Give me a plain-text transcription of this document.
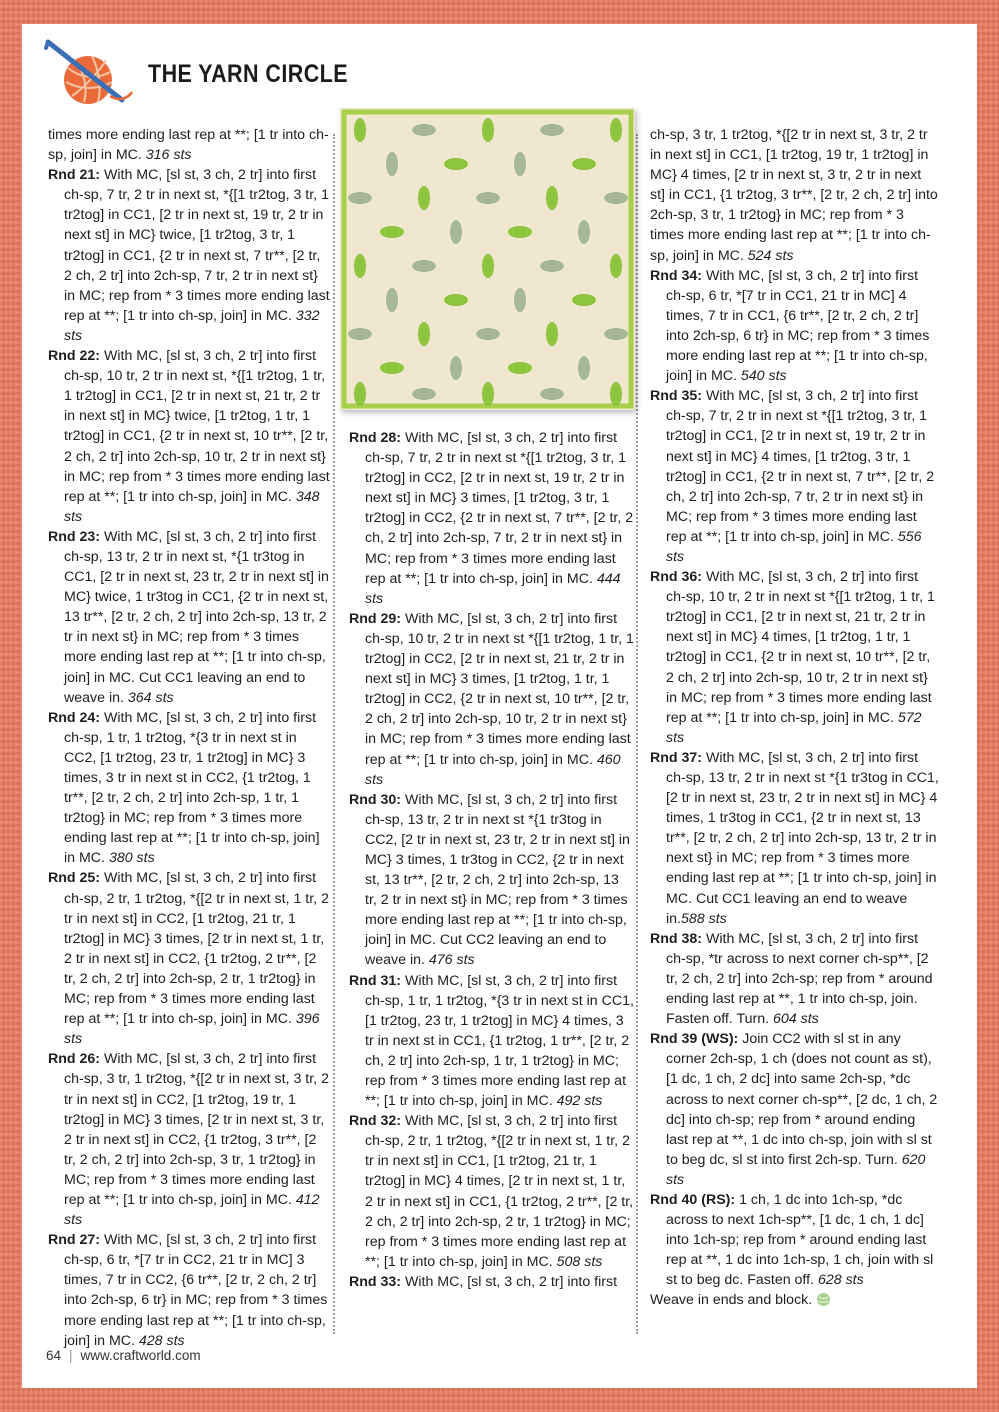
THE YARN CIRCLE

times more ending last rep at **; [1 tr into ch-sp, join] in MC. 316 sts

Rnd 21: With MC, [sl st, 3 ch, 2 tr] into first ch-sp, 7 tr, 2 tr in next st, *{[1 tr2tog, 3 tr, 1 tr2tog] in CC1, [2 tr in next st, 19 tr, 2 tr in next st] in MC} twice, [1 tr2tog, 3 tr, 1 tr2tog] in CC1, {2 tr in next st, 7 tr**, [2 tr, 2 ch, 2 tr] into 2ch-sp, 7 tr, 2 tr in next st} in MC; rep from * 3 times more ending last rep at **; [1 tr into ch-sp, join] in MC. 332 sts

Rnd 22: With MC, [sl st, 3 ch, 2 tr] into first ch-sp, 10 tr, 2 tr in next st, *{[1 tr2tog, 1 tr, 1 tr2tog] in CC1, [2 tr in next st, 21 tr, 2 tr in next st] in MC} twice, [1 tr2tog, 1 tr, 1 tr2tog] in CC1, {2 tr in next st, 10 tr**, [2 tr, 2 ch, 2 tr] into 2ch-sp, 10 tr, 2 tr in next st} in MC; rep from * 3 times more ending last rep at **; [1 tr into ch-sp, join] in MC. 348 sts

Rnd 23: With MC, [sl st, 3 ch, 2 tr] into first ch-sp, 13 tr, 2 tr in next st, *{1 tr3tog in CC1, [2 tr in next st, 23 tr, 2 tr in next st] in MC} twice, 1 tr3tog in CC1, {2 tr in next st, 13 tr**, [2 tr, 2 ch, 2 tr] into 2ch-sp, 13 tr, 2 tr in next st} in MC; rep from * 3 times more ending last rep at **; [1 tr into ch-sp, join] in MC. Cut CC1 leaving an end to weave in. 364 sts

Rnd 24: With MC, [sl st, 3 ch, 2 tr] into first ch-sp, 1 tr, 1 tr2tog, *{3 tr in next st in CC2, [1 tr2tog, 23 tr, 1 tr2tog] in MC} 3 times, 3 tr in next st in CC2, {1 tr2tog, 1 tr**, [2 tr, 2 ch, 2 tr] into 2ch-sp, 1 tr, 1 tr2tog} in MC; rep from * 3 times more ending last rep at **; [1 tr into ch-sp, join] in MC. 380 sts

Rnd 25: With MC, [sl st, 3 ch, 2 tr] into first ch-sp, 2 tr, 1 tr2tog, *{[2 tr in next st, 1 tr, 2 tr in next st] in CC2, [1 tr2tog, 21 tr, 1 tr2tog] in MC} 3 times, [2 tr in next st, 1 tr, 2 tr in next st] in CC2, {1 tr2tog, 2 tr**, [2 tr, 2 ch, 2 tr] into 2ch-sp, 2 tr, 1 tr2tog} in MC; rep from * 3 times more ending last rep at **; [1 tr into ch-sp, join] in MC. 396 sts

Rnd 26: With MC, [sl st, 3 ch, 2 tr] into first ch-sp, 3 tr, 1 tr2tog, *{[2 tr in next st, 3 tr, 2 tr in next st] in CC2, [1 tr2tog, 19 tr, 1 tr2tog] in MC} 3 times, [2 tr in next st, 3 tr, 2 tr in next st] in CC2, {1 tr2tog, 3 tr**, [2 tr, 2 ch, 2 tr] into 2ch-sp, 3 tr, 1 tr2tog} in MC; rep from * 3 times more ending last rep at **; [1 tr into ch-sp, join] in MC. 412 sts

Rnd 27: With MC, [sl st, 3 ch, 2 tr] into first ch-sp, 6 tr, *[7 tr in CC2, 21 tr in MC] 3 times, 7 tr in CC2, {6 tr**, [2 tr, 2 ch, 2 tr] into 2ch-sp, 6 tr} in MC; rep from * 3 times more ending last rep at **; [1 tr into ch-sp, join] in MC. 428 sts

Rnd 28: With MC, [sl st, 3 ch, 2 tr] into first ch-sp, 7 tr, 2 tr in next st *{[1 tr2tog, 3 tr, 1 tr2tog] in CC2, [2 tr in next st, 19 tr, 2 tr in next st] in MC} 3 times, [1 tr2tog, 3 tr, 1 tr2tog] in CC2, {2 tr in next st, 7 tr**, [2 tr, 2 ch, 2 tr] into 2ch-sp, 7 tr, 2 tr in next st} in MC; rep from * 3 times more ending last rep at **; [1 tr into ch-sp, join] in MC. 444 sts

Rnd 29: With MC, [sl st, 3 ch, 2 tr] into first ch-sp, 10 tr, 2 tr in next st *{[1 tr2tog, 1 tr, 1 tr2tog] in CC2, [2 tr in next st, 21 tr, 2 tr in next st] in MC} 3 times, [1 tr2tog, 1 tr, 1 tr2tog] in CC2, {2 tr in next st, 10 tr**, [2 tr, 2 ch, 2 tr] into 2ch-sp, 10 tr, 2 tr in next st} in MC; rep from * 3 times more ending last rep at **; [1 tr into ch-sp, join] in MC. 460 sts

Rnd 30: With MC, [sl st, 3 ch, 2 tr] into first ch-sp, 13 tr, 2 tr in next st *{1 tr3tog in CC2, [2 tr in next st, 23 tr, 2 tr in next st] in MC} 3 times, 1 tr3tog in CC2, {2 tr in next st, 13 tr**, [2 tr, 2 ch, 2 tr] into 2ch-sp, 13 tr, 2 tr in next st} in MC; rep from * 3 times more ending last rep at **; [1 tr into ch-sp, join] in MC. Cut CC2 leaving an end to weave in. 476 sts

Rnd 31: With MC, [sl st, 3 ch, 2 tr] into first ch-sp, 1 tr, 1 tr2tog, *{3 tr in next st in CC1, [1 tr2tog, 23 tr, 1 tr2tog] in MC} 4 times, 3 tr in next st in CC1, {1 tr2tog, 1 tr**, [2 tr, 2 ch, 2 tr] into 2ch-sp, 1 tr, 1 tr2tog} in MC; rep from * 3 times more ending last rep at **; [1 tr into ch-sp, join] in MC. 492 sts

Rnd 32: With MC, [sl st, 3 ch, 2 tr] into first ch-sp, 2 tr, 1 tr2tog, *{[2 tr in next st, 1 tr, 2 tr in next st] in CC1, [1 tr2tog, 21 tr, 1 tr2tog] in MC} 4 times, [2 tr in next st, 1 tr, 2 tr in next st] in CC1, {1 tr2tog, 2 tr**, [2 tr, 2 ch, 2 tr] into 2ch-sp, 2 tr, 1 tr2tog} in MC; rep from * 3 times more ending last rep at **; [1 tr into ch-sp, join] in MC. 508 sts

Rnd 33: With MC, [sl st, 3 ch, 2 tr] into first

ch-sp, 3 tr, 1 tr2tog, *{[2 tr in next st, 3 tr, 2 tr in next st] in CC1, [1 tr2tog, 19 tr, 1 tr2tog] in MC} 4 times, [2 tr in next st, 3 tr, 2 tr in next st] in CC1, {1 tr2tog, 3 tr**, [2 tr, 2 ch, 2 tr] into 2ch-sp, 3 tr, 1 tr2tog} in MC; rep from * 3 times more ending last rep at **; [1 tr into ch-sp, join] in MC. 524 sts

Rnd 34: With MC, [sl st, 3 ch, 2 tr] into first ch-sp, 6 tr, *[7 tr in CC1, 21 tr in MC] 4 times, 7 tr in CC1, {6 tr**, [2 tr, 2 ch, 2 tr] into 2ch-sp, 6 tr} in MC; rep from * 3 times more ending last rep at **; [1 tr into ch-sp, join] in MC. 540 sts

Rnd 35: With MC, [sl st, 3 ch, 2 tr] into first ch-sp, 7 tr, 2 tr in next st *{[1 tr2tog, 3 tr, 1 tr2tog] in CC1, [2 tr in next st, 19 tr, 2 tr in next st] in MC} 4 times, [1 tr2tog, 3 tr, 1 tr2tog] in CC1, {2 tr in next st, 7 tr**, [2 tr, 2 ch, 2 tr] into 2ch-sp, 7 tr, 2 tr in next st} in MC; rep from * 3 times more ending last rep at **; [1 tr into ch-sp, join] in MC. 556 sts

Rnd 36: With MC, [sl st, 3 ch, 2 tr] into first ch-sp, 10 tr, 2 tr in next st *{[1 tr2tog, 1 tr, 1 tr2tog] in CC1, [2 tr in next st, 21 tr, 2 tr in next st] in MC} 4 times, [1 tr2tog, 1 tr, 1 tr2tog] in CC1, {2 tr in next st, 10 tr**, [2 tr, 2 ch, 2 tr] into 2ch-sp, 10 tr, 2 tr in next st} in MC; rep from * 3 times more ending last rep at **; [1 tr into ch-sp, join] in MC. 572 sts

Rnd 37: With MC, [sl st, 3 ch, 2 tr] into first ch-sp, 13 tr, 2 tr in next st *{1 tr3tog in CC1, [2 tr in next st, 23 tr, 2 tr in next st] in MC} 4 times, 1 tr3tog in CC1, {2 tr in next st, 13 tr**, [2 tr, 2 ch, 2 tr] into 2ch-sp, 13 tr, 2 tr in next st} in MC; rep from * 3 times more ending last rep at **; [1 tr into ch-sp, join] in MC. Cut CC1 leaving an end to weave in.588 sts

Rnd 38: With MC, [sl st, 3 ch, 2 tr] into first ch-sp, *tr across to next corner ch-sp**, [2 tr, 2 ch, 2 tr] into 2ch-sp; rep from * around ending last rep at **, 1 tr into ch-sp, join. Fasten off. Turn. 604 sts

Rnd 39 (WS): Join CC2 with sl st in any corner 2ch-sp, 1 ch (does not count as st), [1 dc, 1 ch, 2 dc] into same 2ch-sp, *dc across to next corner ch-sp**, [2 dc, 1 ch, 2 dc] into ch-sp; rep from * around ending last rep at **, 1 dc into ch-sp, join with sl st to beg dc, sl st into first 2ch-sp. Turn. 620 sts

Rnd 40 (RS): 1 ch, 1 dc into 1ch-sp, *dc across to next 1ch-sp**, [1 dc, 1 ch, 1 dc] into 1ch-sp; rep from * around ending last rep at **, 1 dc into 1ch-sp, 1 ch, join with sl st to beg dc. Fasten off. 628 sts

Weave in ends and block.

64 | www.craftworld.com
